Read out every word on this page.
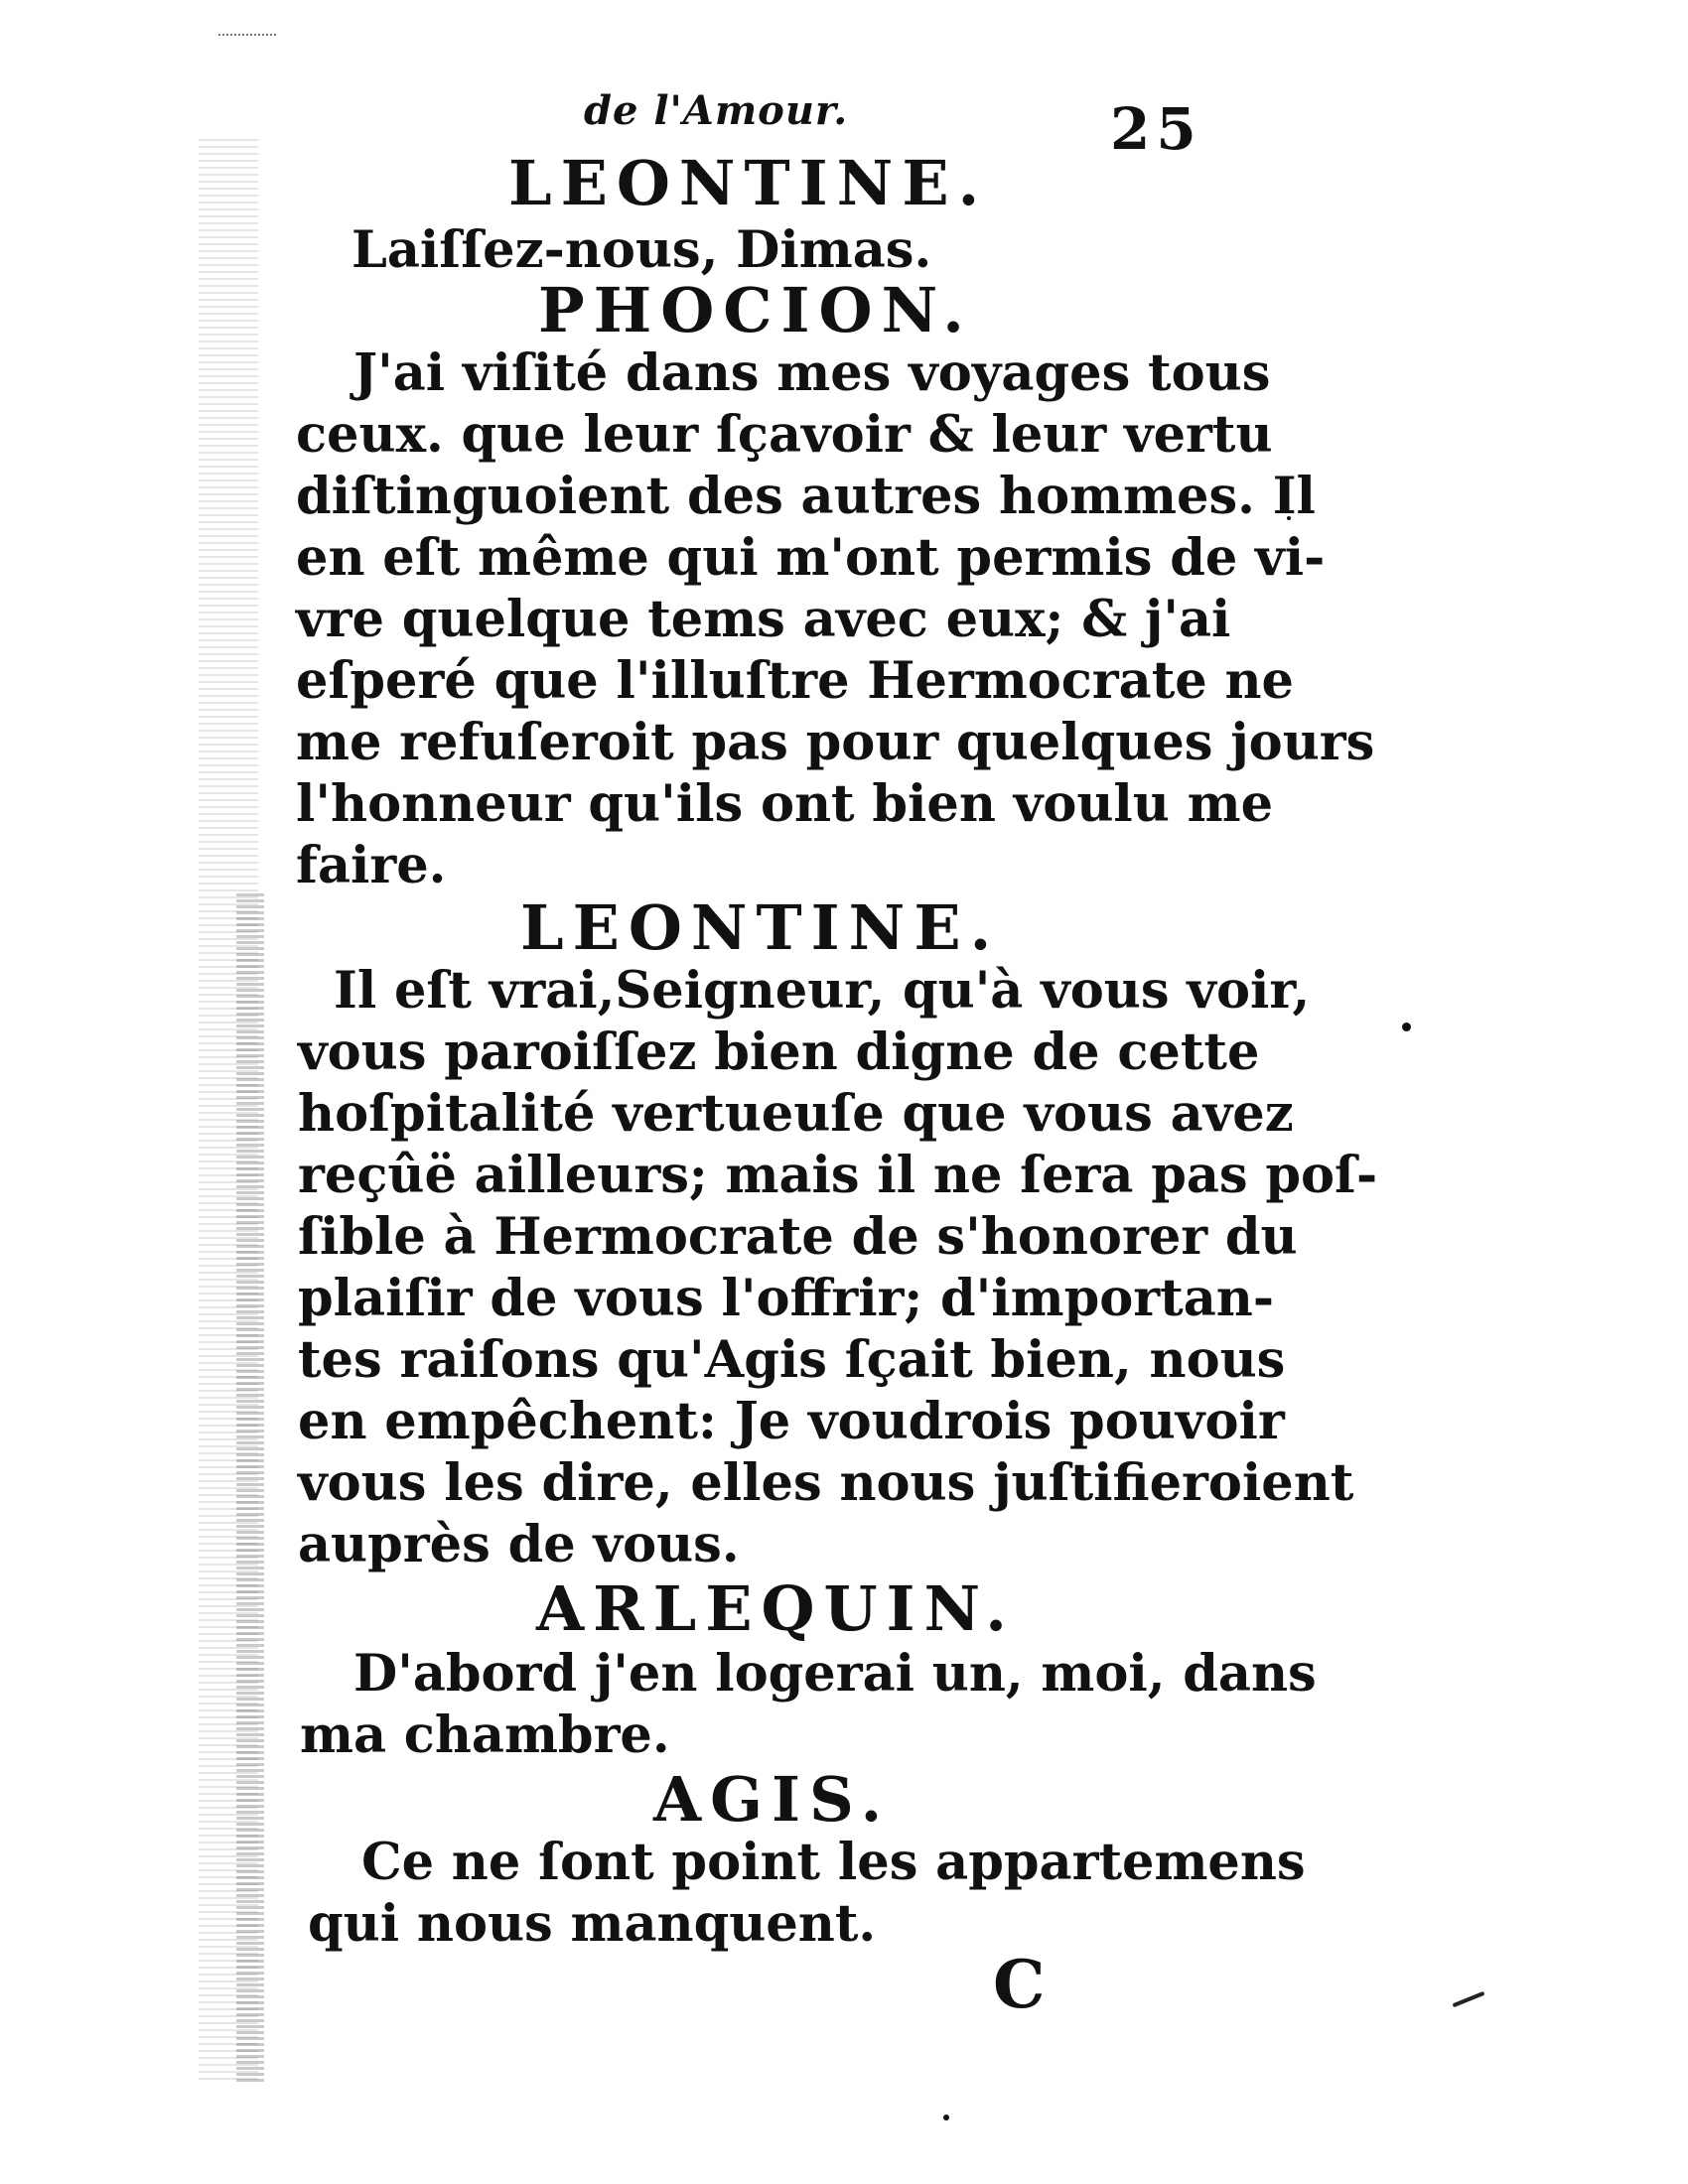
de l'Amour.	25
LEONTINE.
Laiſſez-nous, Dimas.
PHOCION.
J'ai viſité dans mes voyages tous
ceux. que leur ſçavoir & leur vertu
diſtinguoient des autres hommes. Il
en eſt même qui m'ont permis de vi-
vre quelque tems avec eux; & j'ai
eſperé que l'illuſtre Hermocrate ne
me refuſeroit pas pour quelques jours
l'honneur qu'ils ont bien voulu me
faire.
LEONTINE.
Il eſt vrai,Seigneur, qu'à vous voir,
vous paroiſſez bien digne de cette
hoſpitalité vertueuſe que vous avez
reçûë ailleurs; mais il ne ſera pas poſ-
ſible à Hermocrate de s'honorer du
plaiſir de vous l'offrir; d'importan-
tes raiſons qu'Agis ſçait bien, nous
en empêchent: Je voudrois pouvoir
vous les dire, elles nous juſtifieroient
auprès de vous.
ARLEQUIN.
D'abord j'en logerai un, moi, dans
ma chambre.
AGIS.
Ce ne ſont point les appartemens
qui nous manquent.
C
